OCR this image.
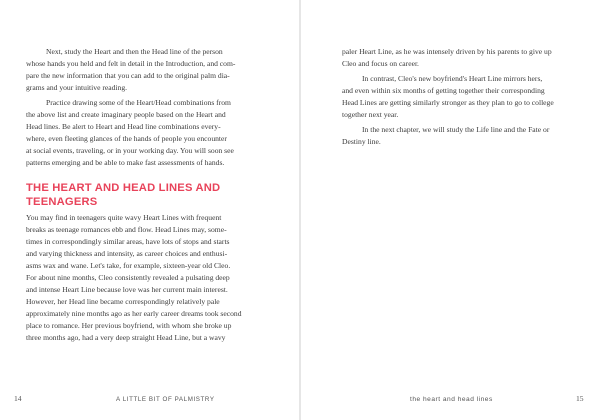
Next, study the Heart and then the Head line of the person
whose hands you held and felt in detail in the Introduction, and com-
pare the new information that you can add to the original palm dia-
grams and your intuitive reading.
Practice drawing some of the Heart/Head combinations from
the above list and create imaginary people based on the Heart and
Head lines. Be alert to Heart and Head line combinations every-
where, even fleeting glances of the hands of people you encounter
at social events, traveling, or in your working day. You will soon see
patterns emerging and be able to make fast assessments of hands.
THE HEART AND HEAD LINES AND
TEENAGERS
You may find in teenagers quite wavy Heart Lines with frequent
breaks as teenage romances ebb and flow. Head Lines may, some-
times in correspondingly similar areas, have lots of stops and starts
and varying thickness and intensity, as career choices and enthusi-
asms wax and wane. Let's take, for example, sixteen-year old Cleo.
For about nine months, Cleo consistently revealed a pulsating deep
and intense Heart Line because love was her current main interest.
However, her Head line became correspondingly relatively pale
approximately nine months ago as her early career dreams took second
place to romance. Her previous boyfriend, with whom she broke up
three months ago, had a very deep straight Head Line, but a wavy
paler Heart Line, as he was intensely driven by his parents to give up
Cleo and focus on career.
In contrast, Cleo's new boyfriend's Heart Line mirrors hers,
and even within six months of getting together their corresponding
Head Lines are getting similarly stronger as they plan to go to college
together next year.
In the next chapter, we will study the Life line and the Fate or
Destiny line.
14	A LITTLE BIT OF PALMISTRY	the heart and head lines	15
